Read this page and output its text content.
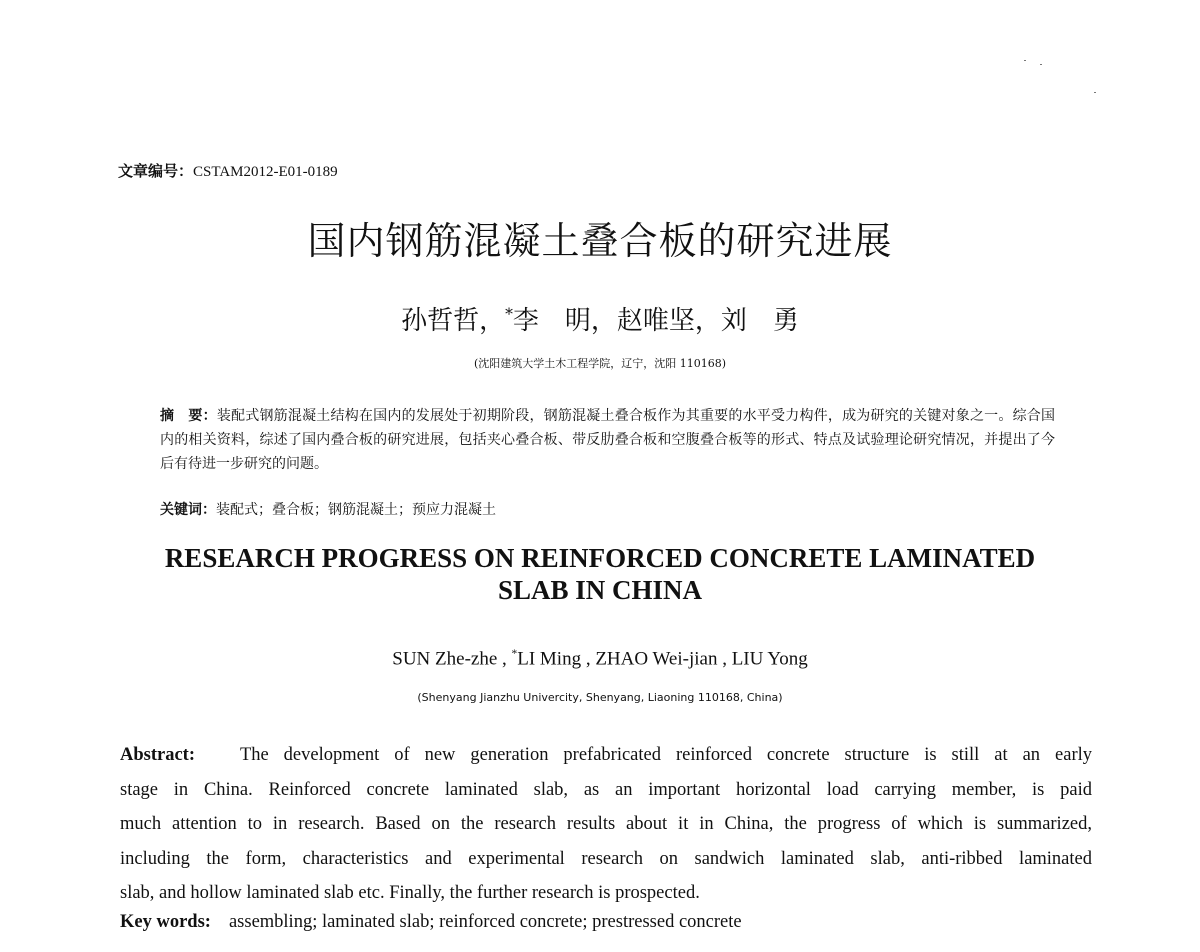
文章编号：CSTAM2012-E01-0189
国内钢筋混凝土叠合板的研究进展
孙哲哲，*李　明，赵唯坚，刘　勇
(沈阳建筑大学土木工程学院，辽宁，沈阳 110168)
摘　要：装配式钢筋混凝土结构在国内的发展处于初期阶段，钢筋混凝土叠合板作为其重要的水平受力构件，成为研究的关键对象之一。综合国内的相关资料，综述了国内叠合板的研究进展，包括夹心叠合板、带反肋叠合板和空腹叠合板等的形式、特点及试验理论研究情况，并提出了今后有待进一步研究的问题。
关键词：装配式；叠合板；钢筋混凝土；预应力混凝土
RESEARCH PROGRESS ON REINFORCED CONCRETE LAMINATED
SLAB IN CHINA
SUN Zhe-zhe , *LI Ming , ZHAO Wei-jian , LIU Yong
(Shenyang Jianzhu Univercity, Shenyang, Liaoning 110168, China)
Abstract: The development of new generation prefabricated reinforced concrete structure is still at an early
stage in China. Reinforced concrete laminated slab, as an important horizontal load carrying member, is paid
much attention to in research. Based on the research results about it in China, the progress of which is summarized,
including the form, characteristics and experimental research on sandwich laminated slab, anti-ribbed laminated
slab, and hollow laminated slab etc. Finally, the further research is prospected.
Key words: assembling; laminated slab; reinforced concrete; prestressed concrete
